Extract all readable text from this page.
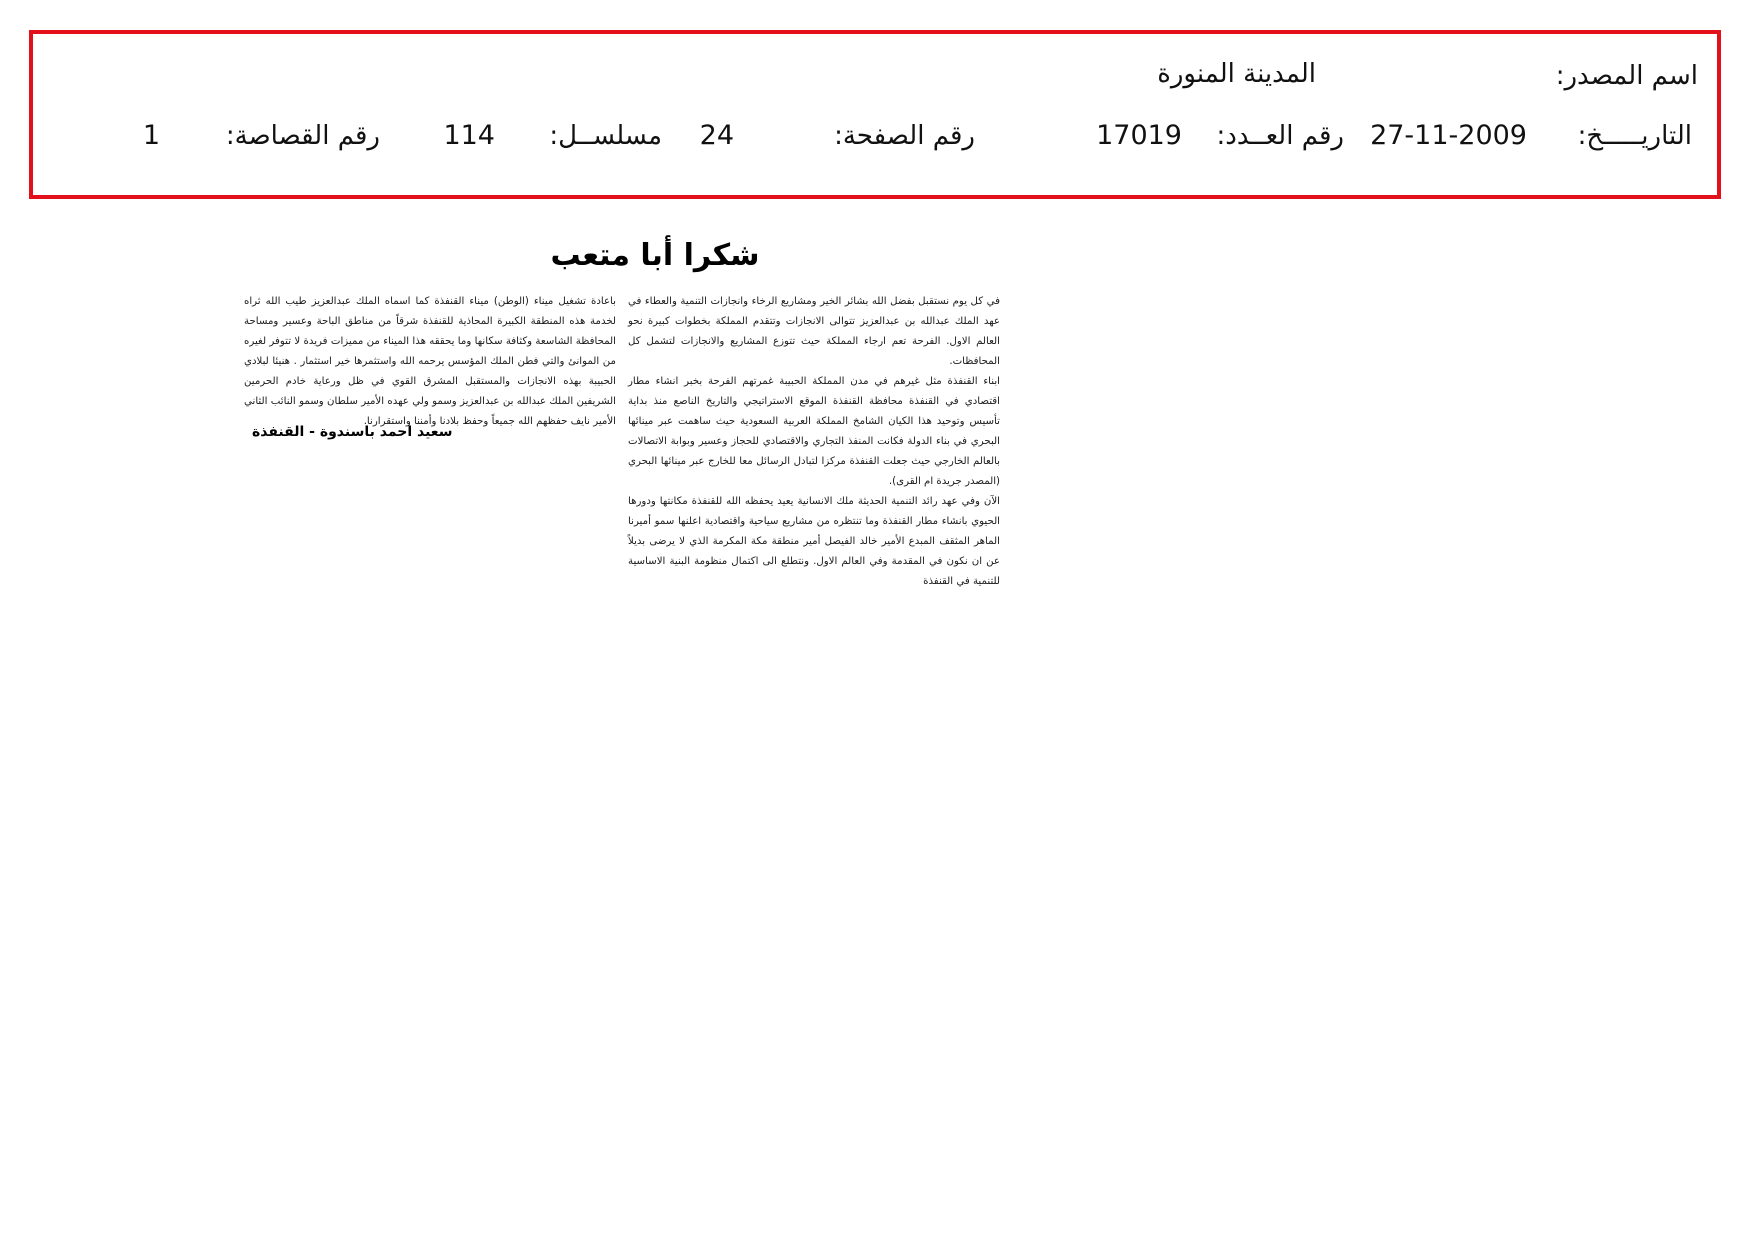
اسم المصدر:
المدينة المنورة
التاريـــــخ:
27-11-2009
رقم العــدد:
17019
رقم الصفحة:
24
مسلســل:
114
رقم القصاصة:
1
شكرا أبا متعب

في كل يوم نستقبل بفضل الله بشائر الخير ومشاريع الرخاء وانجازات التنمية والعطاء في عهد الملك عبدالله بن عبدالعزيز تتوالى الانجازات وتتقدم المملكة بخطوات كبيرة نحو العالم الاول. الفرحة تعم ارجاء المملكة حيث تتوزع المشاريع والانجازات لتشمل كل المحافظات.

ابناء القنفذة مثل غيرهم في مدن المملكة الحبيبة غمرتهم الفرحة بخبر انشاء مطار اقتصادي في القنفذة محافظة القنفذة الموقع الاستراتيجي والتاريخ الناصع منذ بداية تأسيس وتوحيد هذا الكيان الشامخ المملكة العربية السعودية حيث ساهمت عبر مينائها البحري في بناء الدولة فكانت المنفذ التجاري والاقتصادي للحجاز وعسير وبوابة الاتصالات بالعالم الخارجي حيث جعلت القنفذة مركزا لتبادل الرسائل معا للخارج عبر مينائها البحري (المصدر جريدة ام القرى).

الآن وفي عهد رائد التنمية الحديثة ملك الانسانية يعيد يحفظه الله للقنفذة مكانتها ودورها الحيوي بانشاء مطار القنفذة وما تنتظره من مشاريع سياحية واقتصادية اعلنها سمو أميرنا الماهر المثقف المبدع الأمير خالد الفيصل أمير منطقة مكة المكرمة الذي لا يرضى بديلاً عن ان نكون في المقدمة وفي العالم الاول. ونتطلع الى اكتمال منظومة البنية الاساسية للتنمية في القنفذة

باعادة تشغيل ميناء (الوطن) ميناء القنفذة كما اسماه الملك عبدالعزيز طيب الله ثراه لخدمة هذه المنطقة الكبيرة المحاذية للقنفذة شرقاً من مناطق الباحة وعسير ومساحة المحافظة الشاسعة وكثافة سكانها وما يحققه هذا الميناء من مميزات فريدة لا تتوفر لغيره من الموانئ والتي فطن الملك المؤسس يرحمه الله واستثمرها خير استثمار . هنيئا لبلادي الحبيبة بهذه الانجازات والمستقبل المشرق القوي في ظل ورعاية خادم الحرمين الشريفين الملك عبدالله بن عبدالعزيز وسمو ولي عهده الأمير سلطان وسمو النائب الثاني الأمير نايف حفظهم الله جميعاً وحفظ بلادنا وأمننا واستقرارنا.

سعيد احمد باسندوة - القنفذة
